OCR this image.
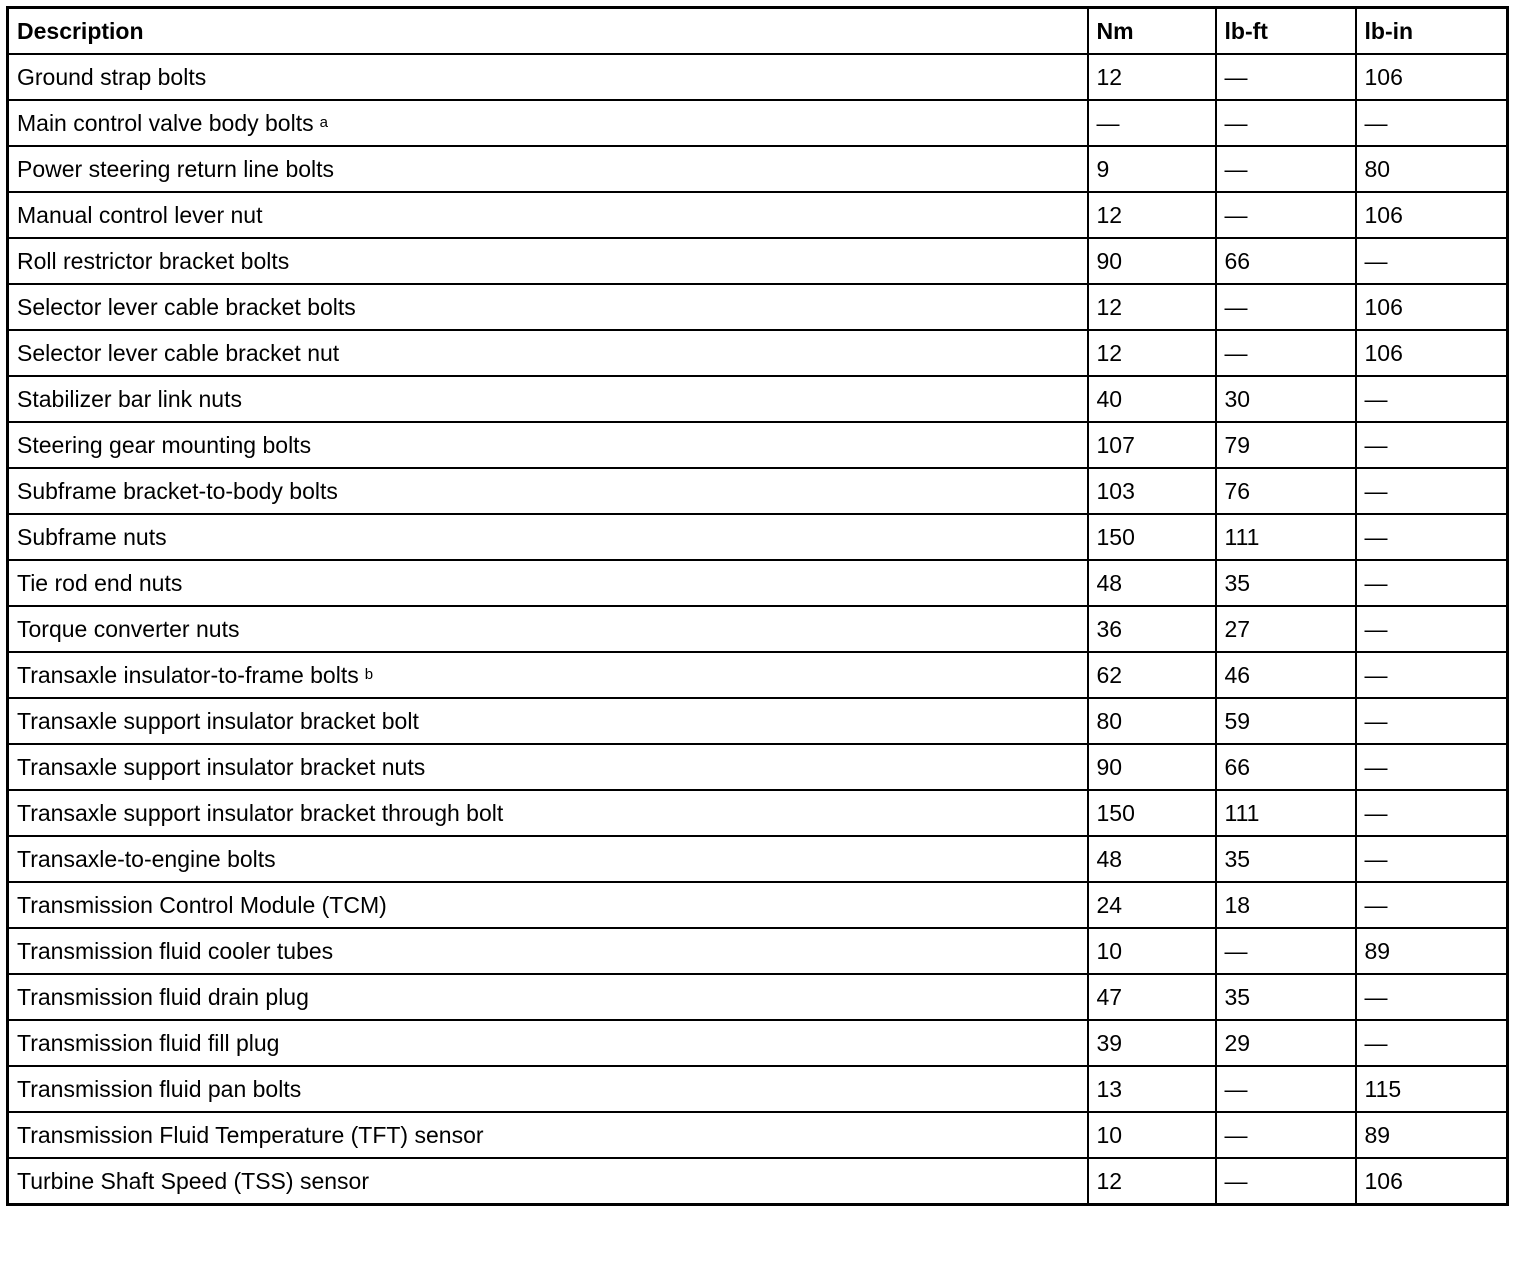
Description	Nm	lb-ft	lb-in
Ground strap bolts	12	—	106
Main control valve body bolts $^a$	—	—	—
Power steering return line bolts	9	—	80
Manual control lever nut	12	—	106
Roll restrictor bracket bolts	90	66	—
Selector lever cable bracket bolts	12	—	106
Selector lever cable bracket nut	12	—	106
Stabilizer bar link nuts	40	30	—
Steering gear mounting bolts	107	79	—
Subframe bracket-to-body bolts	103	76	—
Subframe nuts	150	111	—
Tie rod end nuts	48	35	—
Torque converter nuts	36	27	—
Transaxle insulator-to-frame bolts $^b$	62	46	—
Transaxle support insulator bracket bolt	80	59	—
Transaxle support insulator bracket nuts	90	66	—
Transaxle support insulator bracket through bolt	150	111	—
Transaxle-to-engine bolts	48	35	—
Transmission Control Module (TCM)	24	18	—
Transmission fluid cooler tubes	10	—	89
Transmission fluid drain plug	47	35	—
Transmission fluid fill plug	39	29	—
Transmission fluid pan bolts	13	—	115
Transmission Fluid Temperature (TFT) sensor	10	—	89
Turbine Shaft Speed (TSS) sensor	12	—	106
